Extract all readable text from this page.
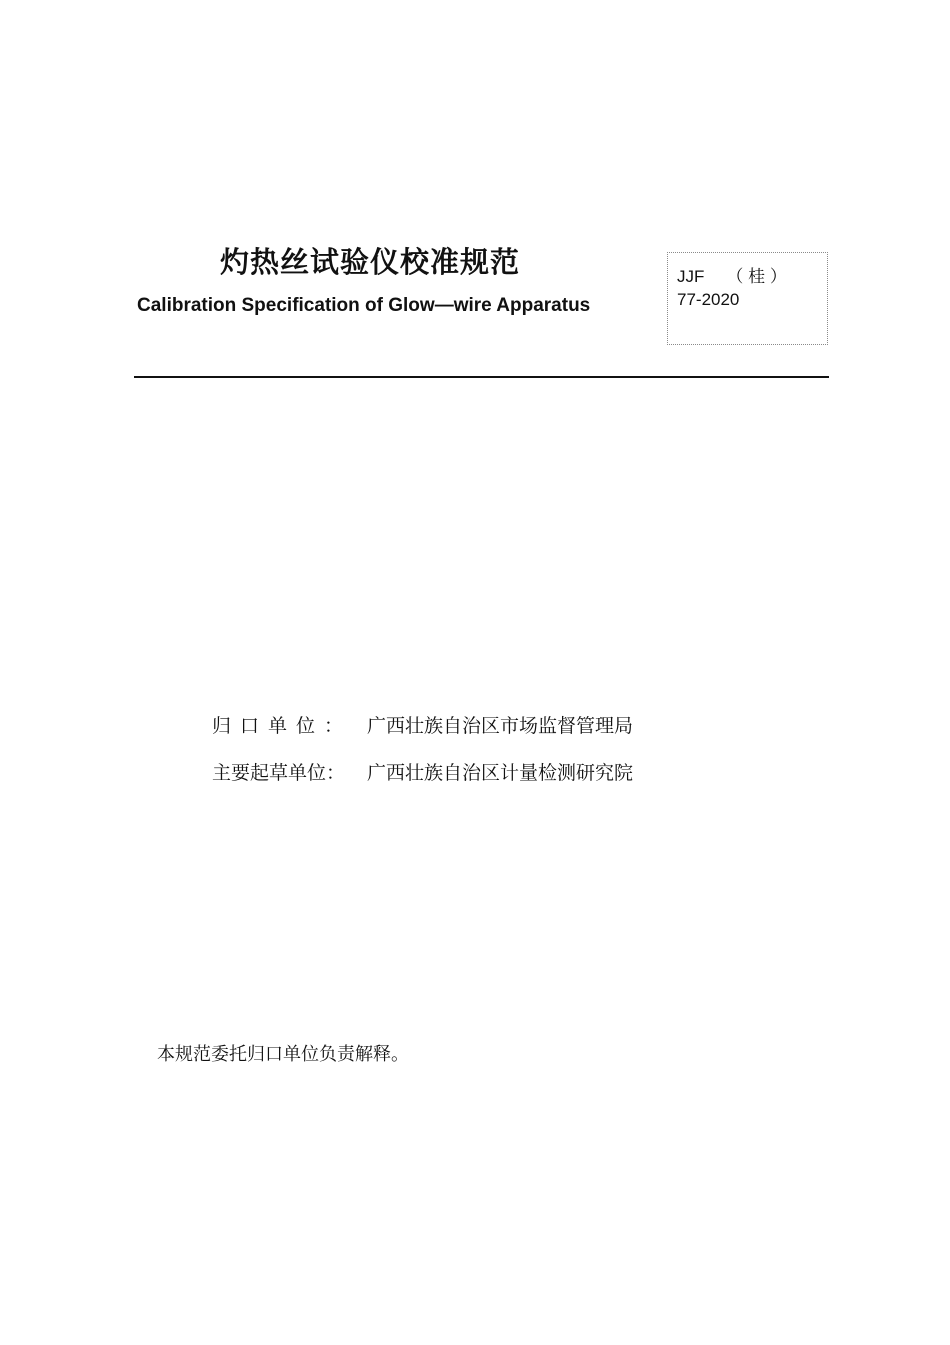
灼热丝试验仪校准规范
Calibration Specification of Glow—wire Apparatus
JJF （ 桂 ）
77-2020
归口单位： 广西壮族自治区市场监督管理局
主要起草单位： 广西壮族自治区计量检测研究院
本规范委托归口单位负责解释。
